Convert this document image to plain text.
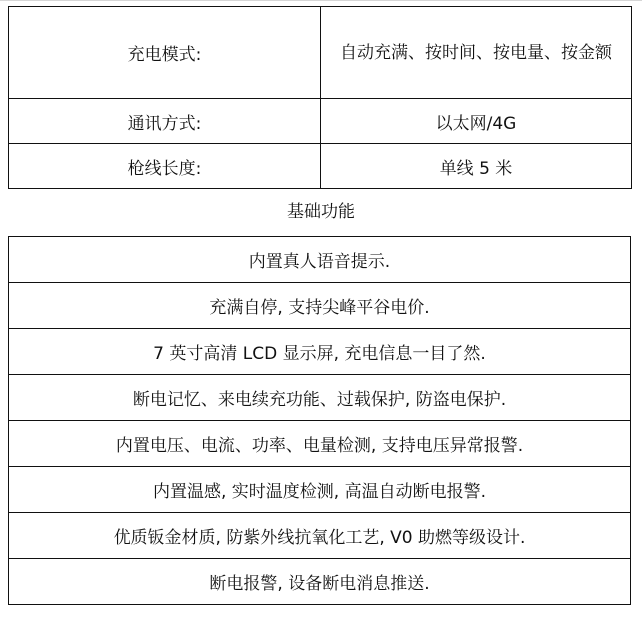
充电模式:	自动充满、按时间、按电量、按金额
通讯方式:	以太网/4G
枪线长度:	单线 5 米
基础功能
内置真人语音提示.
充满自停, 支持尖峰平谷电价.
7 英寸高清 LCD 显示屏, 充电信息一目了然.
断电记忆、来电续充功能、过载保护, 防盗电保护.
内置电压、电流、功率、电量检测, 支持电压异常报警.
内置温感, 实时温度检测, 高温自动断电报警.
优质钣金材质, 防紫外线抗氧化工艺, V0 助燃等级设计.
断电报警, 设备断电消息推送.
